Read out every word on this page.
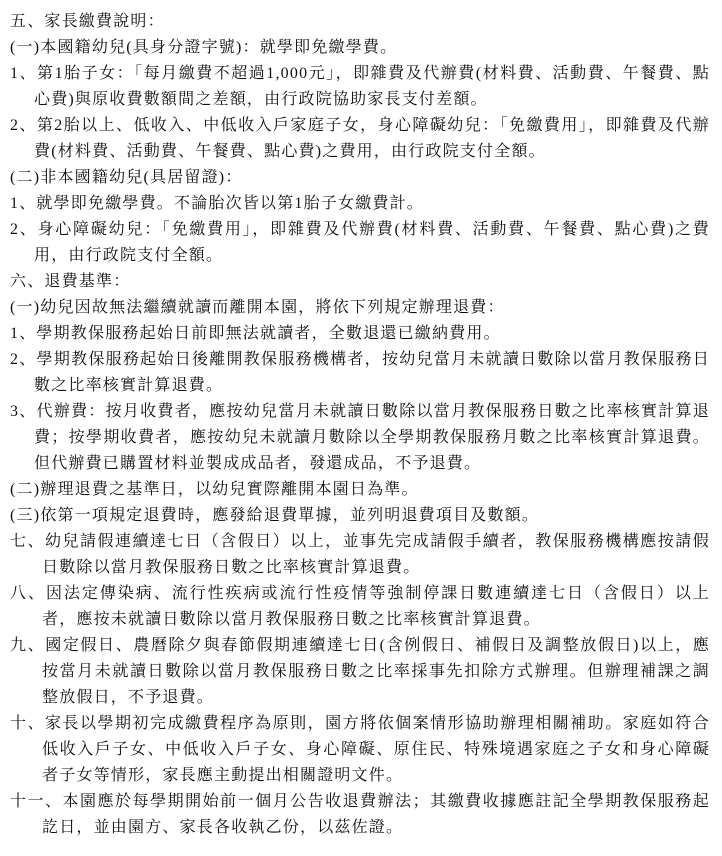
五、家長繳費說明：

(一)本國籍幼兒(具身分證字號)：就學即免繳學費。

1、第1胎子女：「每月繳費不超過1,000元」，即雜費及代辦費(材料費、活動費、午餐費、點心費)與原收費數額間之差額，由行政院協助家長支付差額。

2、第2胎以上、低收入、中低收入戶家庭子女，身心障礙幼兒：「免繳費用」，即雜費及代辦費(材料費、活動費、午餐費、點心費)之費用，由行政院支付全額。

(二)非本國籍幼兒(具居留證)：

1、就學即免繳學費。不論胎次皆以第1胎子女繳費計。

2、身心障礙幼兒：「免繳費用」，即雜費及代辦費(材料費、活動費、午餐費、點心費)之費用，由行政院支付全額。

六、退費基準：

(一)幼兒因故無法繼續就讀而離開本園，將依下列規定辦理退費：

1、學期教保服務起始日前即無法就讀者，全數退還已繳納費用。

2、學期教保服務起始日後離開教保服務機構者，按幼兒當月未就讀日數除以當月教保服務日數之比率核實計算退費。

3、代辦費：按月收費者，應按幼兒當月未就讀日數除以當月教保服務日數之比率核實計算退費；按學期收費者，應按幼兒未就讀月數除以全學期教保服務月數之比率核實計算退費。但代辦費已購置材料並製成成品者，發還成品，不予退費。

(二)辦理退費之基準日，以幼兒實際離開本園日為準。

(三)依第一項規定退費時，應發給退費單據，並列明退費項目及數額。

七、幼兒請假連續達七日（含假日）以上，並事先完成請假手續者，教保服務機構應按請假日數除以當月教保服務日數之比率核實計算退費。

八、因法定傳染病、流行性疾病或流行性疫情等強制停課日數連續達七日（含假日）以上者，應按未就讀日數除以當月教保服務日數之比率核實計算退費。

九、國定假日、農曆除夕與春節假期連續達七日(含例假日、補假日及調整放假日)以上，應按當月未就讀日數除以當月教保服務日數之比率採事先扣除方式辦理。但辦理補課之調整放假日，不予退費。

十、家長以學期初完成繳費程序為原則，園方將依個案情形協助辦理相關補助。家庭如符合低收入戶子女、中低收入戶子女、身心障礙、原住民、特殊境遇家庭之子女和身心障礙者子女等情形，家長應主動提出相關證明文件。

十一、本園應於每學期開始前一個月公告收退費辦法；其繳費收據應註記全學期教保服務起訖日，並由園方、家長各收執乙份，以茲佐證。
